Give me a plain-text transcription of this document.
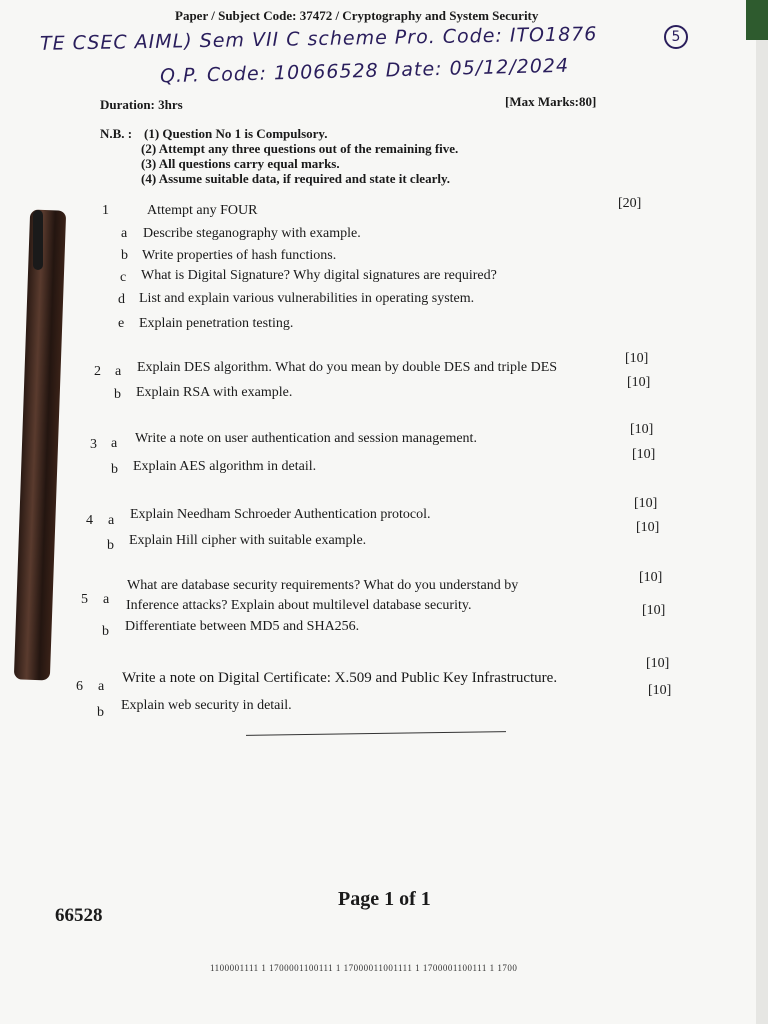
Paper / Subject Code: 37472 / Cryptography and System Security
TE CSEC AIML) Sem VII C scheme Pro. Code: ITO1876
Q.P. Code: 10066528 Date: 05/12/2024
5
Duration: 3hrs	[Max Marks:80]
N.B. : (1) Question No 1 is Compulsory.
(2) Attempt any three questions out of the remaining five.
(3) All questions carry equal marks.
(4) Assume suitable data, if required and state it clearly.
1	Attempt any FOUR	[20]
a Describe steganography with example.
b Write properties of hash functions.
c What is Digital Signature? Why digital signatures are required?
d List and explain various vulnerabilities in operating system.
e Explain penetration testing.
2 a Explain DES algorithm. What do you mean by double DES and triple DES
[10]
b Explain RSA with example.
[10]
3 a Write a note on user authentication and session management.
[10]
b Explain AES algorithm in detail.
[10]
4 a Explain Needham Schroeder Authentication protocol.
[10]
b Explain Hill cipher with suitable example.
[10]
5 a
What are database security requirements? What do you understand by
Inference attacks? Explain about multilevel database security.
[10]
b Differentiate between MD5 and SHA256.
[10]
6 a
Write a note on Digital Certificate: X.509 and Public Key Infrastructure.
[10]
b Explain web security in detail.
[10]
Page 1 of 1
66528
1100001111 1 1700001100111 1 17000011001111 1 1700001100111 1 1700
